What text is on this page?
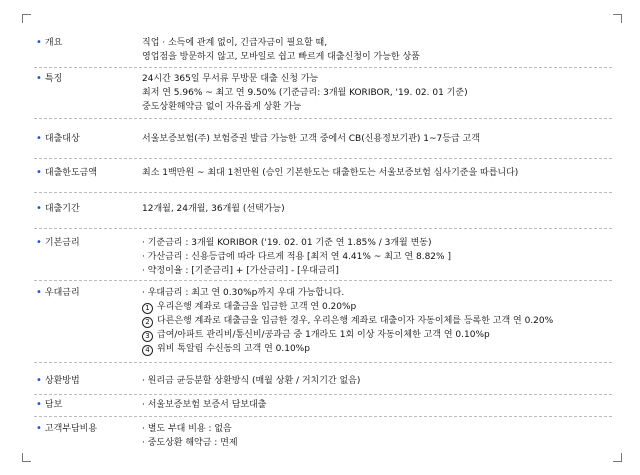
• 개요	직업 · 소득에 관계 없이, 긴급자금이 필요할 때,
영업점을 방문하지 않고, 모바일로 쉽고 빠르게 대출신청이 가능한 상품
• 특징	24시간 365일 무서류 무방문 대출 신청 가능
최저 연 5.96% ~ 최고 연 9.50% (기준금리: 3개월 KORIBOR, '19. 02. 01 기준)
중도상환해약금 없이 자유롭게 상환 가능
• 대출대상	서울보증보험(주) 보험증권 발급 가능한 고객 중에서 CB(신용정보기관) 1~7등급 고객
• 대출한도금액	최소 1백만원 ~ 최대 1천만원 (승인 기본한도는 대출한도는 서울보증보험 심사기준을 따릅니다)
• 대출기간	12개월, 24개월, 36개월 (선택가능)
• 기본금리	· 기준금리 : 3개월 KORIBOR ('19. 02. 01 기준 연 1.85% / 3개월 변동)
· 가산금리 : 신용등급에 따라 다르게 적용 [최저 연 4.41% ~ 최고 연 8.82% ]
· 약정이율 : [기준금리] + [가산금리] - [우대금리]
• 우대금리	· 우대금리 : 최고 연 0.30%p까지 우대 가능합니다.
1 우리은행 계좌로 대출금을 입금한 고객 연 0.20%p
2 다른은행 계좌로 대출금을 입금한 경우, 우리은행 계좌로 대출이자 자동이체를 등록한 고객 연 0.20%
3 급여/아파트 관리비/통신비/공과금 중 1개라도 1회 이상 자동이체한 고객 연 0.10%p
4 위비 톡알림 수신동의 고객 연 0.10%p
• 상환방법	· 원리금 균등분할 상환방식 (매월 상환 / 거치기간 없음)
• 담보	· 서울보증보험 보증서 담보대출
• 고객부담비용	· 별도 부대 비용 : 없음
· 중도상환 해약금 : 면제
